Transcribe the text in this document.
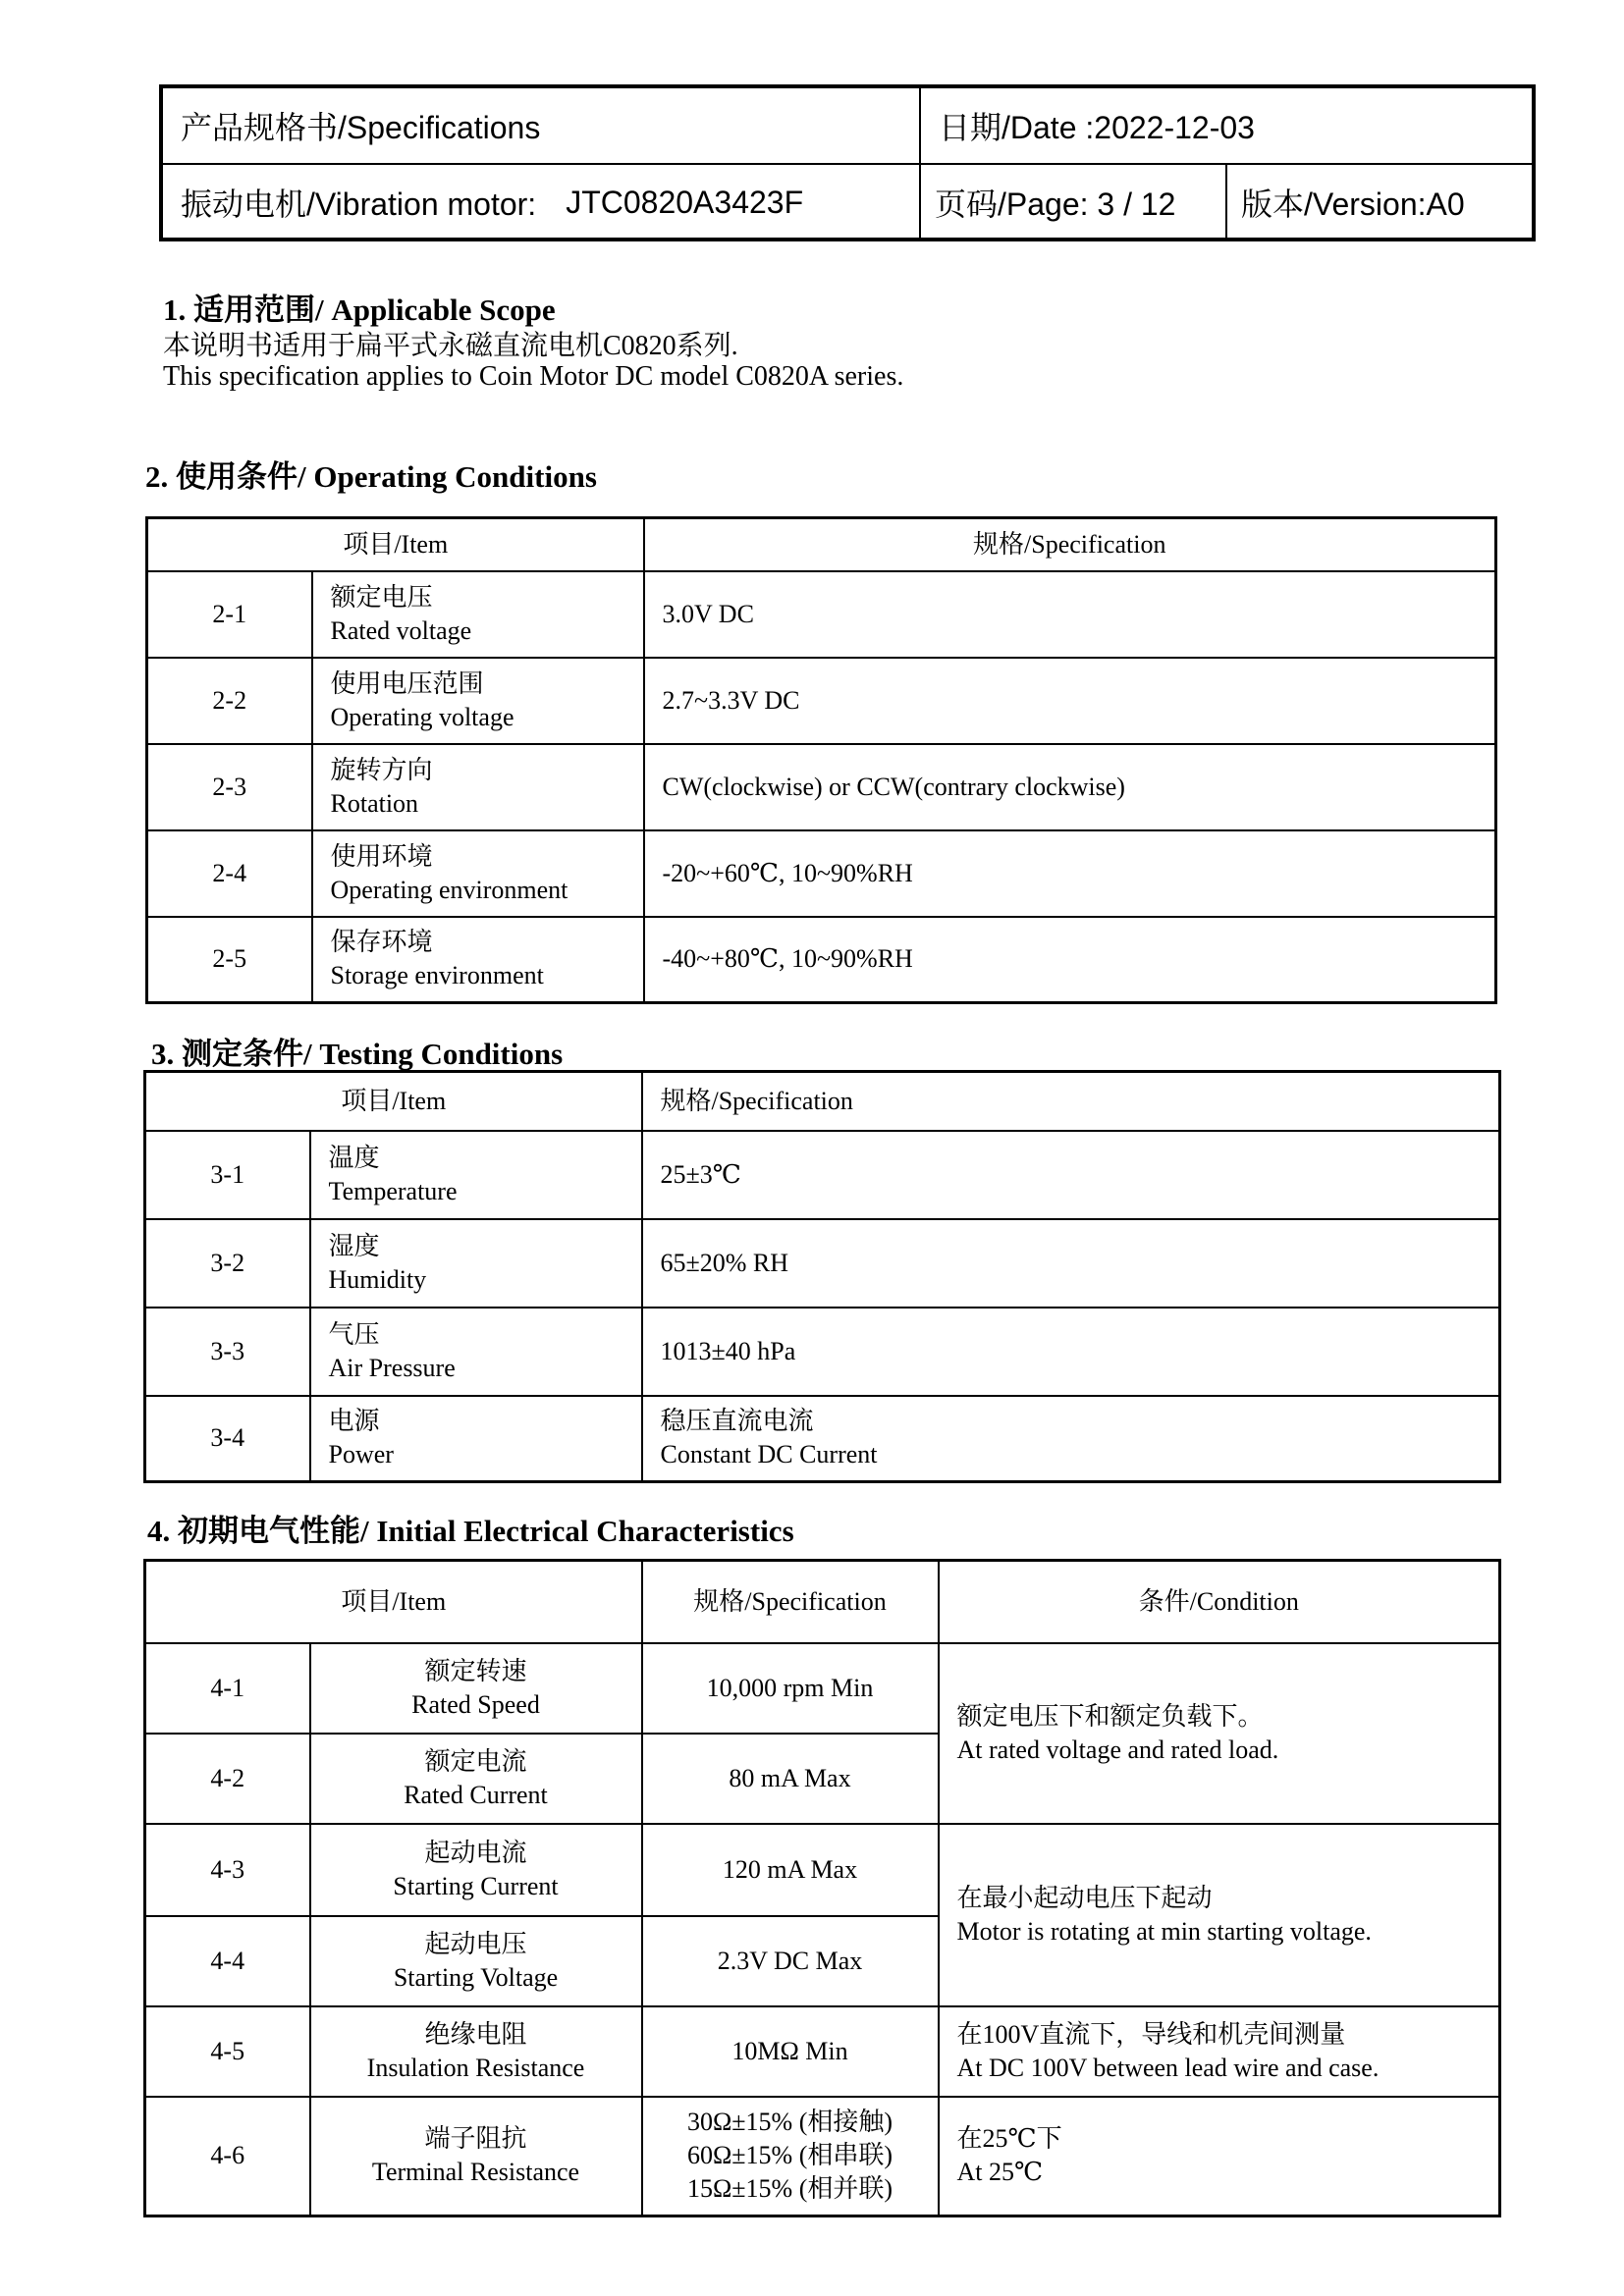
产品规格书/Specifications	日期/Date :2022-12-03
振动电机/Vibration motor: JTC0820A3423F	页码/Page: 3 / 12	版本/Version:A0
1. 适用范围/ Applicable Scope
本说明书适用于扁平式永磁直流电机C0820系列.
This specification applies to Coin Motor DC model C0820A series.
2. 使用条件/ Operating Conditions
项目/Item		规格/Specification
2-1	额定电压
Rated voltage	3.0V DC
2-2	使用电压范围
Operating voltage	2.7~3.3V DC
2-3	旋转方向
Rotation	CW(clockwise) or CCW(contrary clockwise)
2-4	使用环境
Operating environment	-20~+60℃, 10~90%RH
2-5	保存环境
Storage environment	-40~+80℃, 10~90%RH
3. 测定条件/ Testing Conditions
项目/Item		规格/Specification
3-1	温度
Temperature	25±3℃
3-2	湿度
Humidity	65±20% RH
3-3	气压
Air Pressure	1013±40 hPa
3-4	电源
Power	稳压直流电流
Constant DC Current
4. 初期电气性能/ Initial Electrical Characteristics
项目/Item		规格/Specification	条件/Condition
4-1	额定转速
Rated Speed	10,000 rpm Min	额定电压下和额定负载下。
At rated voltage and rated load.

4-2	额定电流
Rated Current	80 mA Max	
4-3	起动电流
Starting Current	120 mA Max	在最小起动电压下起动
Motor is rotating at min starting voltage.

4-4	起动电压
Starting Voltage	2.3V DC Max	
4-5	绝缘电阻
Insulation Resistance	10MΩ Min	在100V直流下，导线和机壳间测量
At DC 100V between lead wire and case.

4-6	端子阻抗
Terminal Resistance	30Ω±15% (相接触)
60Ω±15% (相串联)
15Ω±15% (相并联)	在25℃下
At 25℃
